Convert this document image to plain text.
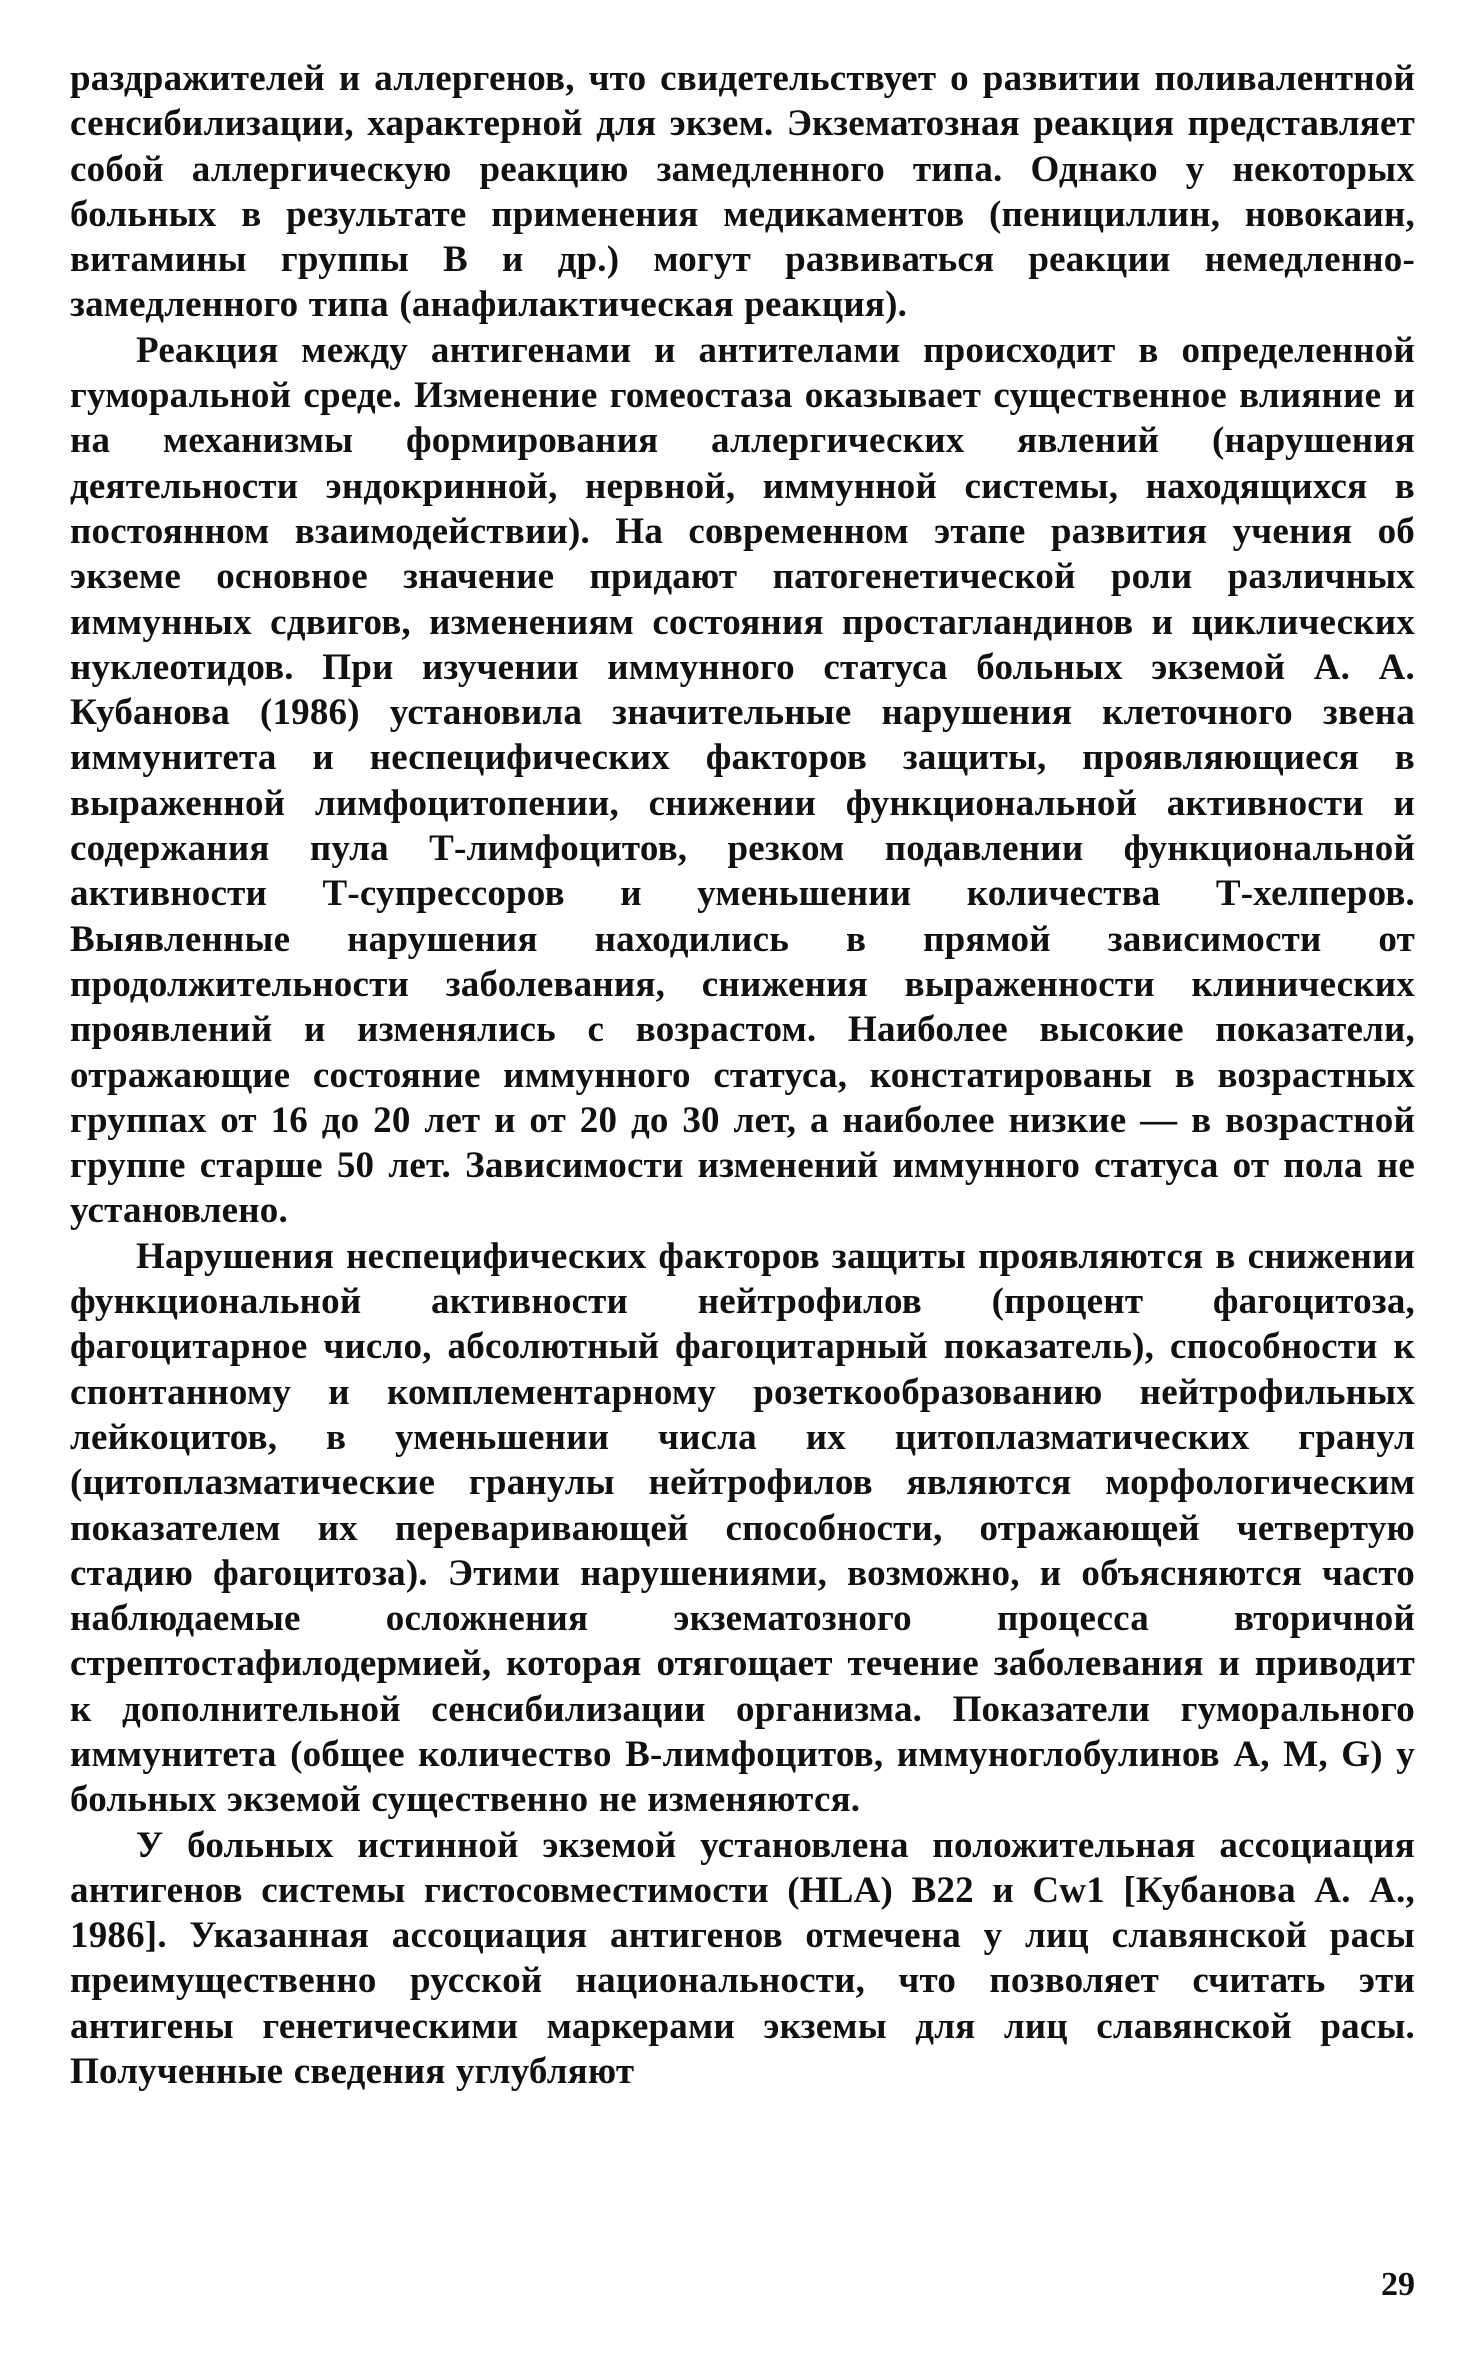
раздражителей и аллергенов, что свидетельствует о развитии поливалентной сенсибилизации, характерной для экзем. Экзематозная реакция представляет собой аллергическую реакцию замедленного типа. Однако у некоторых больных в результате применения медикаментов (пенициллин, новокаин, витамины группы В и др.) могут развиваться реакции немедленно-замедленного типа (анафилактическая реакция).

Реакция между антигенами и антителами происходит в определенной гуморальной среде. Изменение гомеостаза оказывает существенное влияние и на механизмы формирования аллергических явлений (нарушения деятельности эндокринной, нервной, иммунной системы, находящихся в постоянном взаимодействии). На современном этапе развития учения об экземе основное значение придают патогенетической роли различных иммунных сдвигов, изменениям состояния простагландинов и циклических нуклеотидов. При изучении иммунного статуса больных экземой А. А. Кубанова (1986) установила значительные нарушения клеточного звена иммунитета и неспецифических факторов защиты, проявляющиеся в выраженной лимфоцитопении, снижении функциональной активности и содержания пула Т-лимфоцитов, резком подавлении функциональной активности Т-супрессоров и уменьшении количества Т-хелперов. Выявленные нарушения находились в прямой зависимости от продолжительности заболевания, снижения выраженности клинических проявлений и изменялись с возрастом. Наиболее высокие показатели, отражающие состояние иммунного статуса, констатированы в возрастных группах от 16 до 20 лет и от 20 до 30 лет, а наиболее низкие — в возрастной группе старше 50 лет. Зависимости изменений иммунного статуса от пола не установлено.

Нарушения неспецифических факторов защиты проявляются в снижении функциональной активности нейтрофилов (процент фагоцитоза, фагоцитарное число, абсолютный фагоцитарный показатель), способности к спонтанному и комплементарному розеткообразованию нейтрофильных лейкоцитов, в уменьшении числа их цитоплазматических гранул (цитоплазматические гранулы нейтрофилов являются морфологическим показателем их переваривающей способности, отражающей четвертую стадию фагоцитоза). Этими нарушениями, возможно, и объясняются часто наблюдаемые осложнения экзематозного процесса вторичной стрептостафилодермией, которая отягощает течение заболевания и приводит к дополнительной сенсибилизации организма. Показатели гуморального иммунитета (общее количество В-лимфоцитов, иммуноглобулинов А, М, G) у больных экземой существенно не изменяются.

У больных истинной экземой установлена положительная ассоциация антигенов системы гистосовместимости (HLA) В22 и Cw1 [Кубанова А. А., 1986]. Указанная ассоциация антигенов отмечена у лиц славянской расы преимущественно русской национальности, что позволяет считать эти антигены генетическими маркерами экземы для лиц славянской расы. Полученные сведения углубляют

29
